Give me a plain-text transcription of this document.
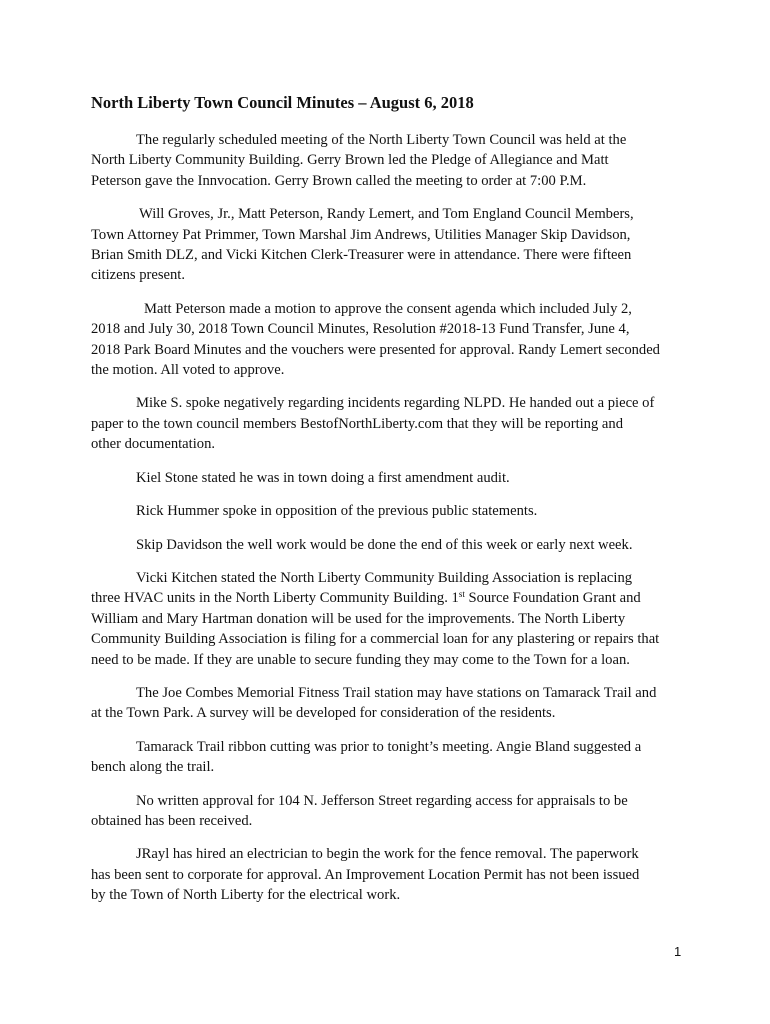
North Liberty Town Council Minutes – August 6, 2018

The regularly scheduled meeting of the North Liberty Town Council was held at the
North Liberty Community Building. Gerry Brown led the Pledge of Allegiance and Matt
Peterson gave the Innvocation. Gerry Brown called the meeting to order at 7:00 P.M.

Will Groves, Jr., Matt Peterson, Randy Lemert, and Tom England Council Members,
Town Attorney Pat Primmer, Town Marshal Jim Andrews, Utilities Manager Skip Davidson,
Brian Smith DLZ, and Vicki Kitchen Clerk-Treasurer were in attendance. There were fifteen
citizens present.

Matt Peterson made a motion to approve the consent agenda which included July 2,
2018 and July 30, 2018 Town Council Minutes, Resolution #2018-13 Fund Transfer, June 4,
2018 Park Board Minutes and the vouchers were presented for approval. Randy Lemert seconded
the motion. All voted to approve.

Mike S. spoke negatively regarding incidents regarding NLPD. He handed out a piece of
paper to the town council members BestofNorthLiberty.com that they will be reporting and
other documentation.

Kiel Stone stated he was in town doing a first amendment audit.

Rick Hummer spoke in opposition of the previous public statements.

Skip Davidson the well work would be done the end of this week or early next week.

Vicki Kitchen stated the North Liberty Community Building Association is replacing
three HVAC units in the North Liberty Community Building. 1st Source Foundation Grant and
William and Mary Hartman donation will be used for the improvements. The North Liberty
Community Building Association is filing for a commercial loan for any plastering or repairs that
need to be made. If they are unable to secure funding they may come to the Town for a loan.

The Joe Combes Memorial Fitness Trail station may have stations on Tamarack Trail and
at the Town Park. A survey will be developed for consideration of the residents.

Tamarack Trail ribbon cutting was prior to tonight’s meeting. Angie Bland suggested a
bench along the trail.

No written approval for 104 N. Jefferson Street regarding access for appraisals to be
obtained has been received.

JRayl has hired an electrician to begin the work for the fence removal. The paperwork
has been sent to corporate for approval. An Improvement Location Permit has not been issued
by the Town of North Liberty for the electrical work.

1
